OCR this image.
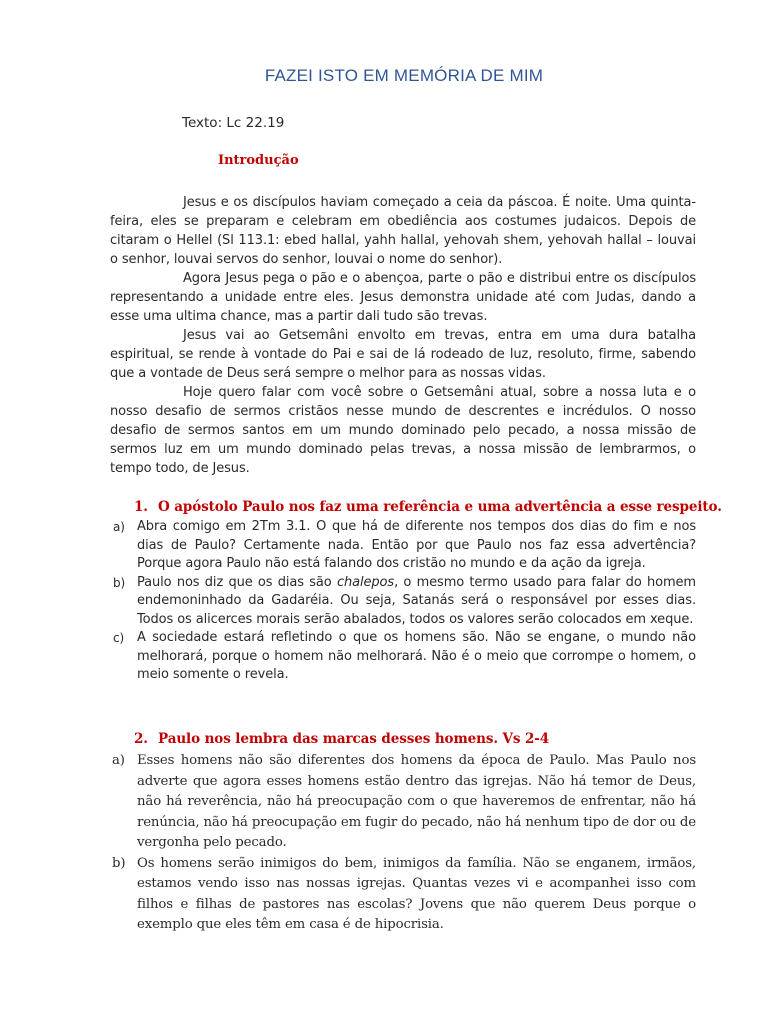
FAZEI ISTO EM MEMÓRIA DE MIM
Texto: Lc 22.19
Introdução

Jesus e os discípulos haviam começado a ceia da páscoa. É noite. Uma quinta-feira, eles se preparam e celebram em obediência aos costumes judaicos. Depois de citaram o Hellel (Sl 113.1: ebed hallal, yahh hallal, yehovah shem, yehovah hallal – louvai o senhor, louvai servos do senhor, louvai o nome do senhor).

Agora Jesus pega o pão e o abençoa, parte o pão e distribui entre os discípulos representando a unidade entre eles. Jesus demonstra unidade até com Judas, dando a esse uma ultima chance, mas a partir dali tudo são trevas.

Jesus vai ao Getsemâni envolto em trevas, entra em uma dura batalha espiritual, se rende à vontade do Pai e sai de lá rodeado de luz, resoluto, firme, sabendo que a vontade de Deus será sempre o melhor para as nossas vidas.

Hoje quero falar com você sobre o Getsemâni atual, sobre a nossa luta e o nosso desafio de sermos cristãos nesse mundo de descrentes e incrédulos. O nosso desafio de sermos santos em um mundo dominado pelo pecado, a nossa missão de sermos luz em um mundo dominado pelas trevas, a nossa missão de lembrarmos, o tempo todo, de Jesus.

1. O apóstolo Paulo nos faz uma referência e uma advertência a esse respeito.
a) Abra comigo em 2Tm 3.1. O que há de diferente nos tempos dos dias do fim e nos dias de Paulo? Certamente nada. Então por que Paulo nos faz essa advertência? Porque agora Paulo não está falando dos cristão no mundo e da ação da igreja.
b) Paulo nos diz que os dias são chalepos, o mesmo termo usado para falar do homem endemoninhado da Gadaréia. Ou seja, Satanás será o responsável por esses dias. Todos os alicerces morais serão abalados, todos os valores serão colocados em xeque.
c) A sociedade estará refletindo o que os homens são. Não se engane, o mundo não melhorará, porque o homem não melhorará. Não é o meio que corrompe o homem, o meio somente o revela.
2. Paulo nos lembra das marcas desses homens. Vs 2-4
a) Esses homens não são diferentes dos homens da época de Paulo. Mas Paulo nos adverte que agora esses homens estão dentro das igrejas. Não há temor de Deus, não há reverência, não há preocupação com o que haveremos de enfrentar, não há renúncia, não há preocupação em fugir do pecado, não há nenhum tipo de dor ou de vergonha pelo pecado.
b) Os homens serão inimigos do bem, inimigos da família. Não se enganem, irmãos, estamos vendo isso nas nossas igrejas. Quantas vezes vi e acompanhei isso com filhos e filhas de pastores nas escolas? Jovens que não querem Deus porque o exemplo que eles têm em casa é de hipocrisia.
